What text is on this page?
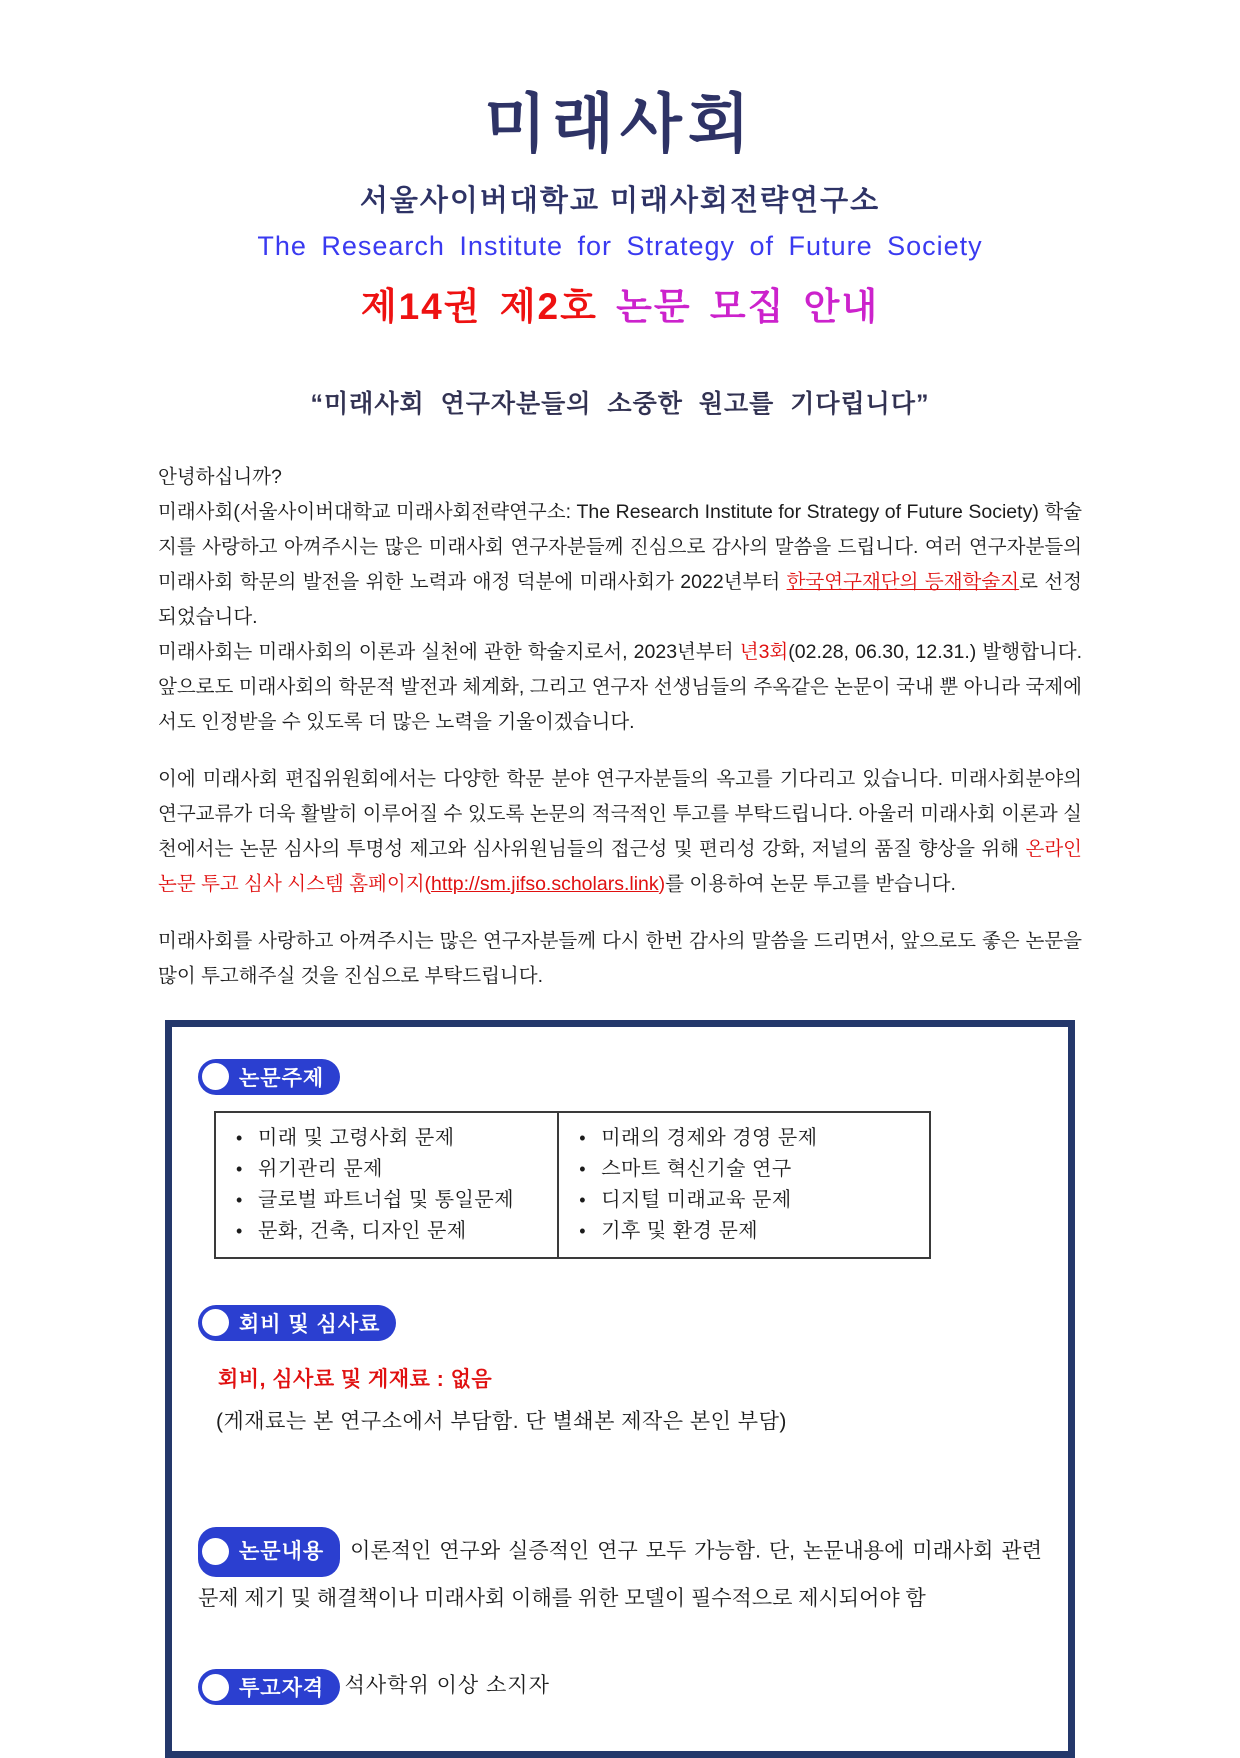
미래사회
서울사이버대학교 미래사회전략연구소
The Research Institute for Strategy of Future Society
제14권 제2호 논문 모집 안내
“미래사회 연구자분들의 소중한 원고를 기다립니다”

안녕하십니까?

미래사회(서울사이버대학교 미래사회전략연구소: The Research Institute for Strategy of Future Society) 학술지를 사랑하고 아껴주시는 많은 미래사회 연구자분들께 진심으로 감사의 말씀을 드립니다. 여러 연구자분들의 미래사회 학문의 발전을 위한 노력과 애정 덕분에 미래사회가 2022년부터 한국연구재단의 등재학술지로 선정되었습니다.

미래사회는 미래사회의 이론과 실천에 관한 학술지로서, 2023년부터 년3회(02.28, 06.30, 12.31.) 발행합니다. 앞으로도 미래사회의 학문적 발전과 체계화, 그리고 연구자 선생님들의 주옥같은 논문이 국내 뿐 아니라 국제에서도 인정받을 수 있도록 더 많은 노력을 기울이겠습니다.

이에 미래사회 편집위원회에서는 다양한 학문 분야 연구자분들의 옥고를 기다리고 있습니다. 미래사회분야의 연구교류가 더욱 활발히 이루어질 수 있도록 논문의 적극적인 투고를 부탁드립니다. 아울러 미래사회 이론과 실천에서는 논문 심사의 투명성 제고와 심사위원님들의 접근성 및 편리성 강화, 저널의 품질 향상을 위해 온라인 논문 투고 심사 시스템 홈페이지(http://sm.jifso.scholars.link)를 이용하여 논문 투고를 받습니다.

미래사회를 사랑하고 아껴주시는 많은 연구자분들께 다시 한번 감사의 말씀을 드리면서, 앞으로도 좋은 논문을 많이 투고해주실 것을 진심으로 부탁드립니다.

논문주제
• 미래 및 고령사회 문제
• 위기관리 문제
• 글로벌 파트너쉽 및 통일문제
• 문화, 건축, 디자인 문제

• 미래의 경제와 경영 문제
• 스마트 혁신기술 연구
• 디지털 미래교육 문제
• 기후 및 환경 문제
회비 및 심사료
회비, 심사료 및 게재료 : 없음
(게재료는 본 연구소에서 부담함. 단 별쇄본 제작은 본인 부담)

논문내용 이론적인 연구와 실증적인 연구 모두 가능함. 단, 논문내용에 미래사회 관련 문제 제기 및 해결책이나 미래사회 이해를 위한 모델이 필수적으로 제시되어야 함

투고자격 석사학위 이상 소지자
